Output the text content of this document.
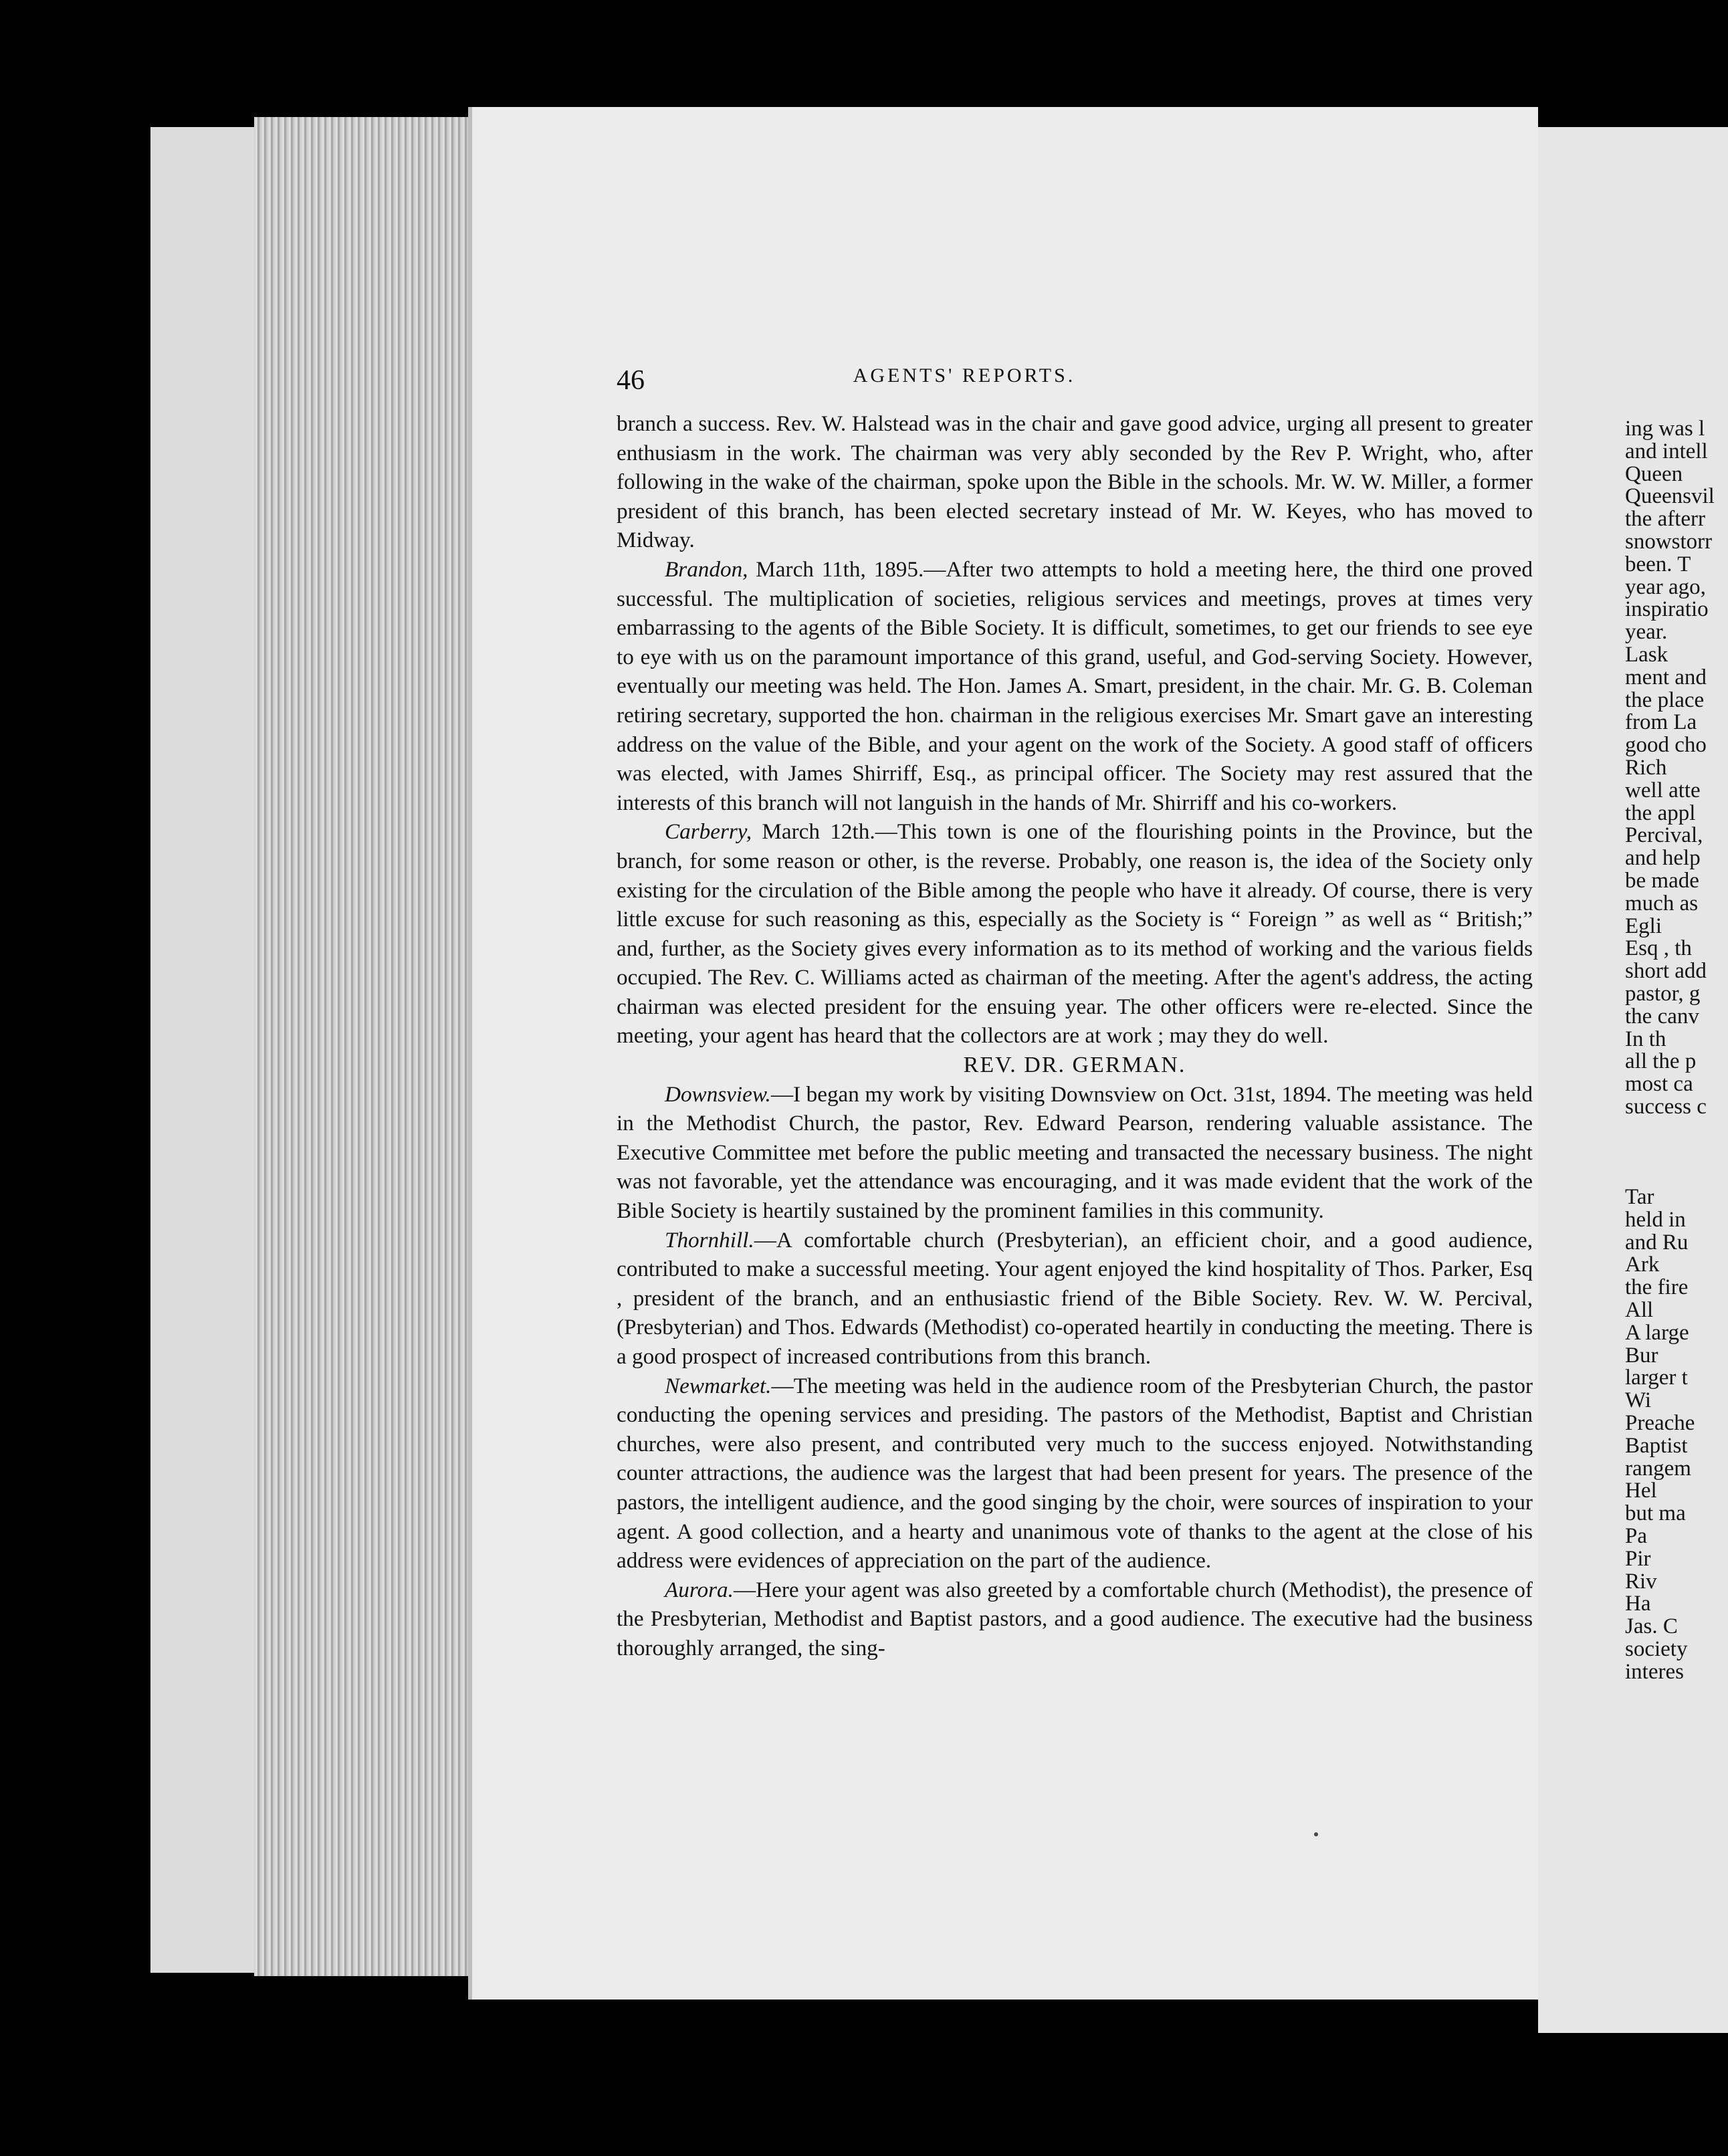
46	AGENTS' REPORTS.

branch a success. Rev. W. Halstead was in the chair and gave good advice, urging all present to greater enthusiasm in the work. The chairman was very ably seconded by the Rev P. Wright, who, after following in the wake of the chairman, spoke upon the Bible in the schools. Mr. W. W. Miller, a former president of this branch, has been elected secretary instead of Mr. W. Keyes, who has moved to Midway.

Brandon, March 11th, 1895.—After two attempts to hold a meeting here, the third one proved successful. The multiplication of societies, religious services and meetings, proves at times very embarrassing to the agents of the Bible Society. It is difficult, sometimes, to get our friends to see eye to eye with us on the paramount importance of this grand, useful, and God-serving Society. However, eventually our meeting was held. The Hon. James A. Smart, president, in the chair. Mr. G. B. Coleman retiring secretary, supported the hon. chairman in the religious exercises Mr. Smart gave an interesting address on the value of the Bible, and your agent on the work of the Society. A good staff of officers was elected, with James Shirriff, Esq., as principal officer. The Society may rest assured that the interests of this branch will not languish in the hands of Mr. Shirriff and his co-workers.

Carberry, March 12th.—This town is one of the flourishing points in the Province, but the branch, for some reason or other, is the reverse. Probably, one reason is, the idea of the Society only existing for the circulation of the Bible among the people who have it already. Of course, there is very little excuse for such reasoning as this, especially as the Society is “ Foreign ” as well as “ British;” and, further, as the Society gives every information as to its method of working and the various fields occupied. The Rev. C. Williams acted as chairman of the meeting. After the agent's address, the acting chairman was elected president for the ensuing year. The other officers were re-elected. Since the meeting, your agent has heard that the collectors are at work ; may they do well.

REV. DR. GERMAN.

Downsview.—I began my work by visiting Downsview on Oct. 31st, 1894. The meeting was held in the Methodist Church, the pastor, Rev. Edward Pearson, rendering valuable assistance. The Executive Committee met before the public meeting and transacted the necessary business. The night was not favorable, yet the attendance was encouraging, and it was made evident that the work of the Bible Society is heartily sustained by the prominent families in this community.

Thornhill.—A comfortable church (Presbyterian), an efficient choir, and a good audience, contributed to make a successful meeting. Your agent enjoyed the kind hospitality of Thos. Parker, Esq , president of the branch, and an enthusiastic friend of the Bible Society. Rev. W. W. Percival, (Presbyterian) and Thos. Edwards (Methodist) co-operated heartily in conducting the meeting. There is a good prospect of increased contributions from this branch.

Newmarket.—The meeting was held in the audience room of the Presbyterian Church, the pastor conducting the opening services and presiding. The pastors of the Methodist, Baptist and Christian churches, were also present, and contributed very much to the success enjoyed. Notwithstanding counter attractions, the audience was the largest that had been present for years. The presence of the pastors, the intelligent audience, and the good singing by the choir, were sources of inspiration to your agent. A good collection, and a hearty and unanimous vote of thanks to the agent at the close of his address were evidences of appreciation on the part of the audience.

Aurora.—Here your agent was also greeted by a comfortable church (Methodist), the presence of the Presbyterian, Methodist and Baptist pastors, and a good audience. The executive had the business thoroughly arranged, the sing-

ing was l
and intell
Queen
Queensvil
the afterr
snowstorr
been. T
year ago,
inspiratio
year.
Lask
ment and
the place
from La
good cho
Rich
well atte
the appl
Percival,
and help
be made
much as
Egli
Esq , th
short add
pastor, g
the canv
In th
all the p
most ca
success c
Tar
held in
and Ru
Ark
the fire
All
A large
Bur
larger t
Wi
Preache
Baptist
rangem
Hel
but ma
Pa
Pir
Riv
Ha
Jas. C
society
interes
